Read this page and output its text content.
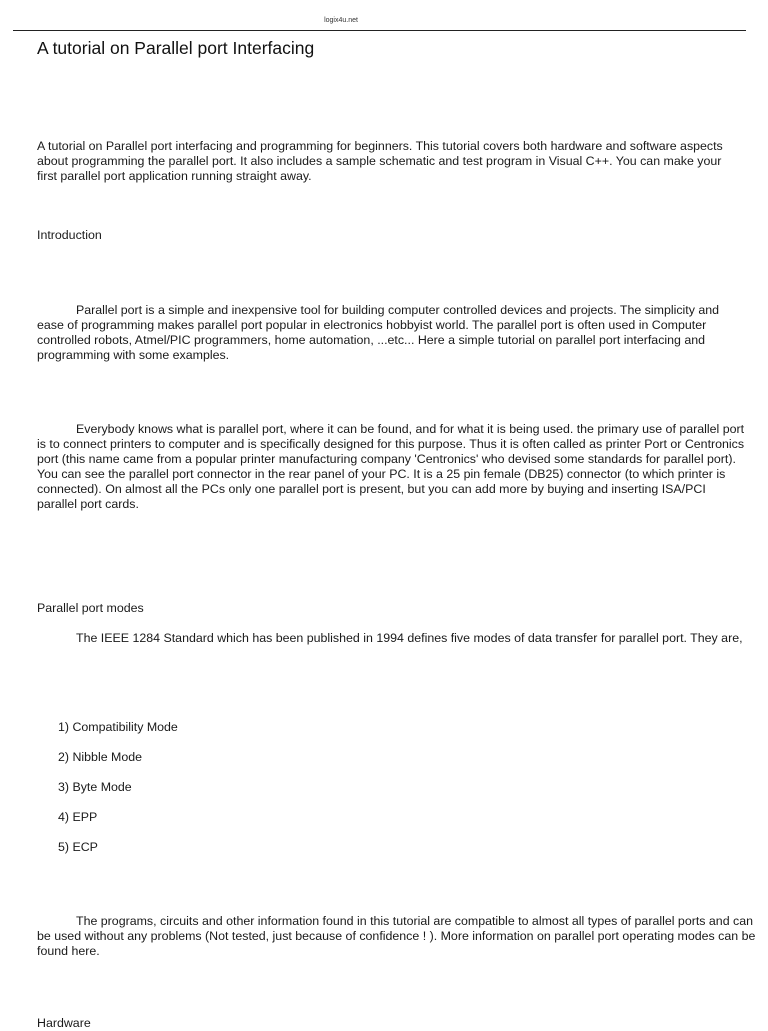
logix4u.net
A tutorial on Parallel port Interfacing

A tutorial on Parallel port interfacing and programming for beginners. This tutorial covers both hardware and software aspects about programming the parallel port. It also includes a sample schematic and test program in Visual C++. You can make your first parallel port application running straight away.

Introduction

Parallel port is a simple and inexpensive tool for building computer controlled devices and projects. The simplicity and ease of programming makes parallel port popular in electronics hobbyist world. The parallel port is often used in Computer controlled robots, Atmel/PIC programmers, home automation, ...etc... Here a simple tutorial on parallel port interfacing and programming with some examples.

Everybody knows what is parallel port, where it can be found, and for what it is being used. the primary use of parallel port is to connect printers to computer and is specifically designed for this purpose. Thus it is often called as printer Port or Centronics port (this name came from a popular printer manufacturing company 'Centronics' who devised some standards for parallel port). You can see the parallel port connector in the rear panel of your PC. It is a 25 pin female (DB25) connector (to which printer is connected). On almost all the PCs only one parallel port is present, but you can add more by buying and inserting ISA/PCI parallel port cards.

Parallel port modes

The IEEE 1284 Standard which has been published in 1994 defines five modes of data transfer for parallel port. They are,

1) Compatibility Mode
2) Nibble Mode
3) Byte Mode
4) EPP
5) ECP

The programs, circuits and other information found in this tutorial are compatible to almost all types of parallel ports and can be used without any problems (Not tested, just because of confidence ! ). More information on parallel port operating modes can be found here.

Hardware
